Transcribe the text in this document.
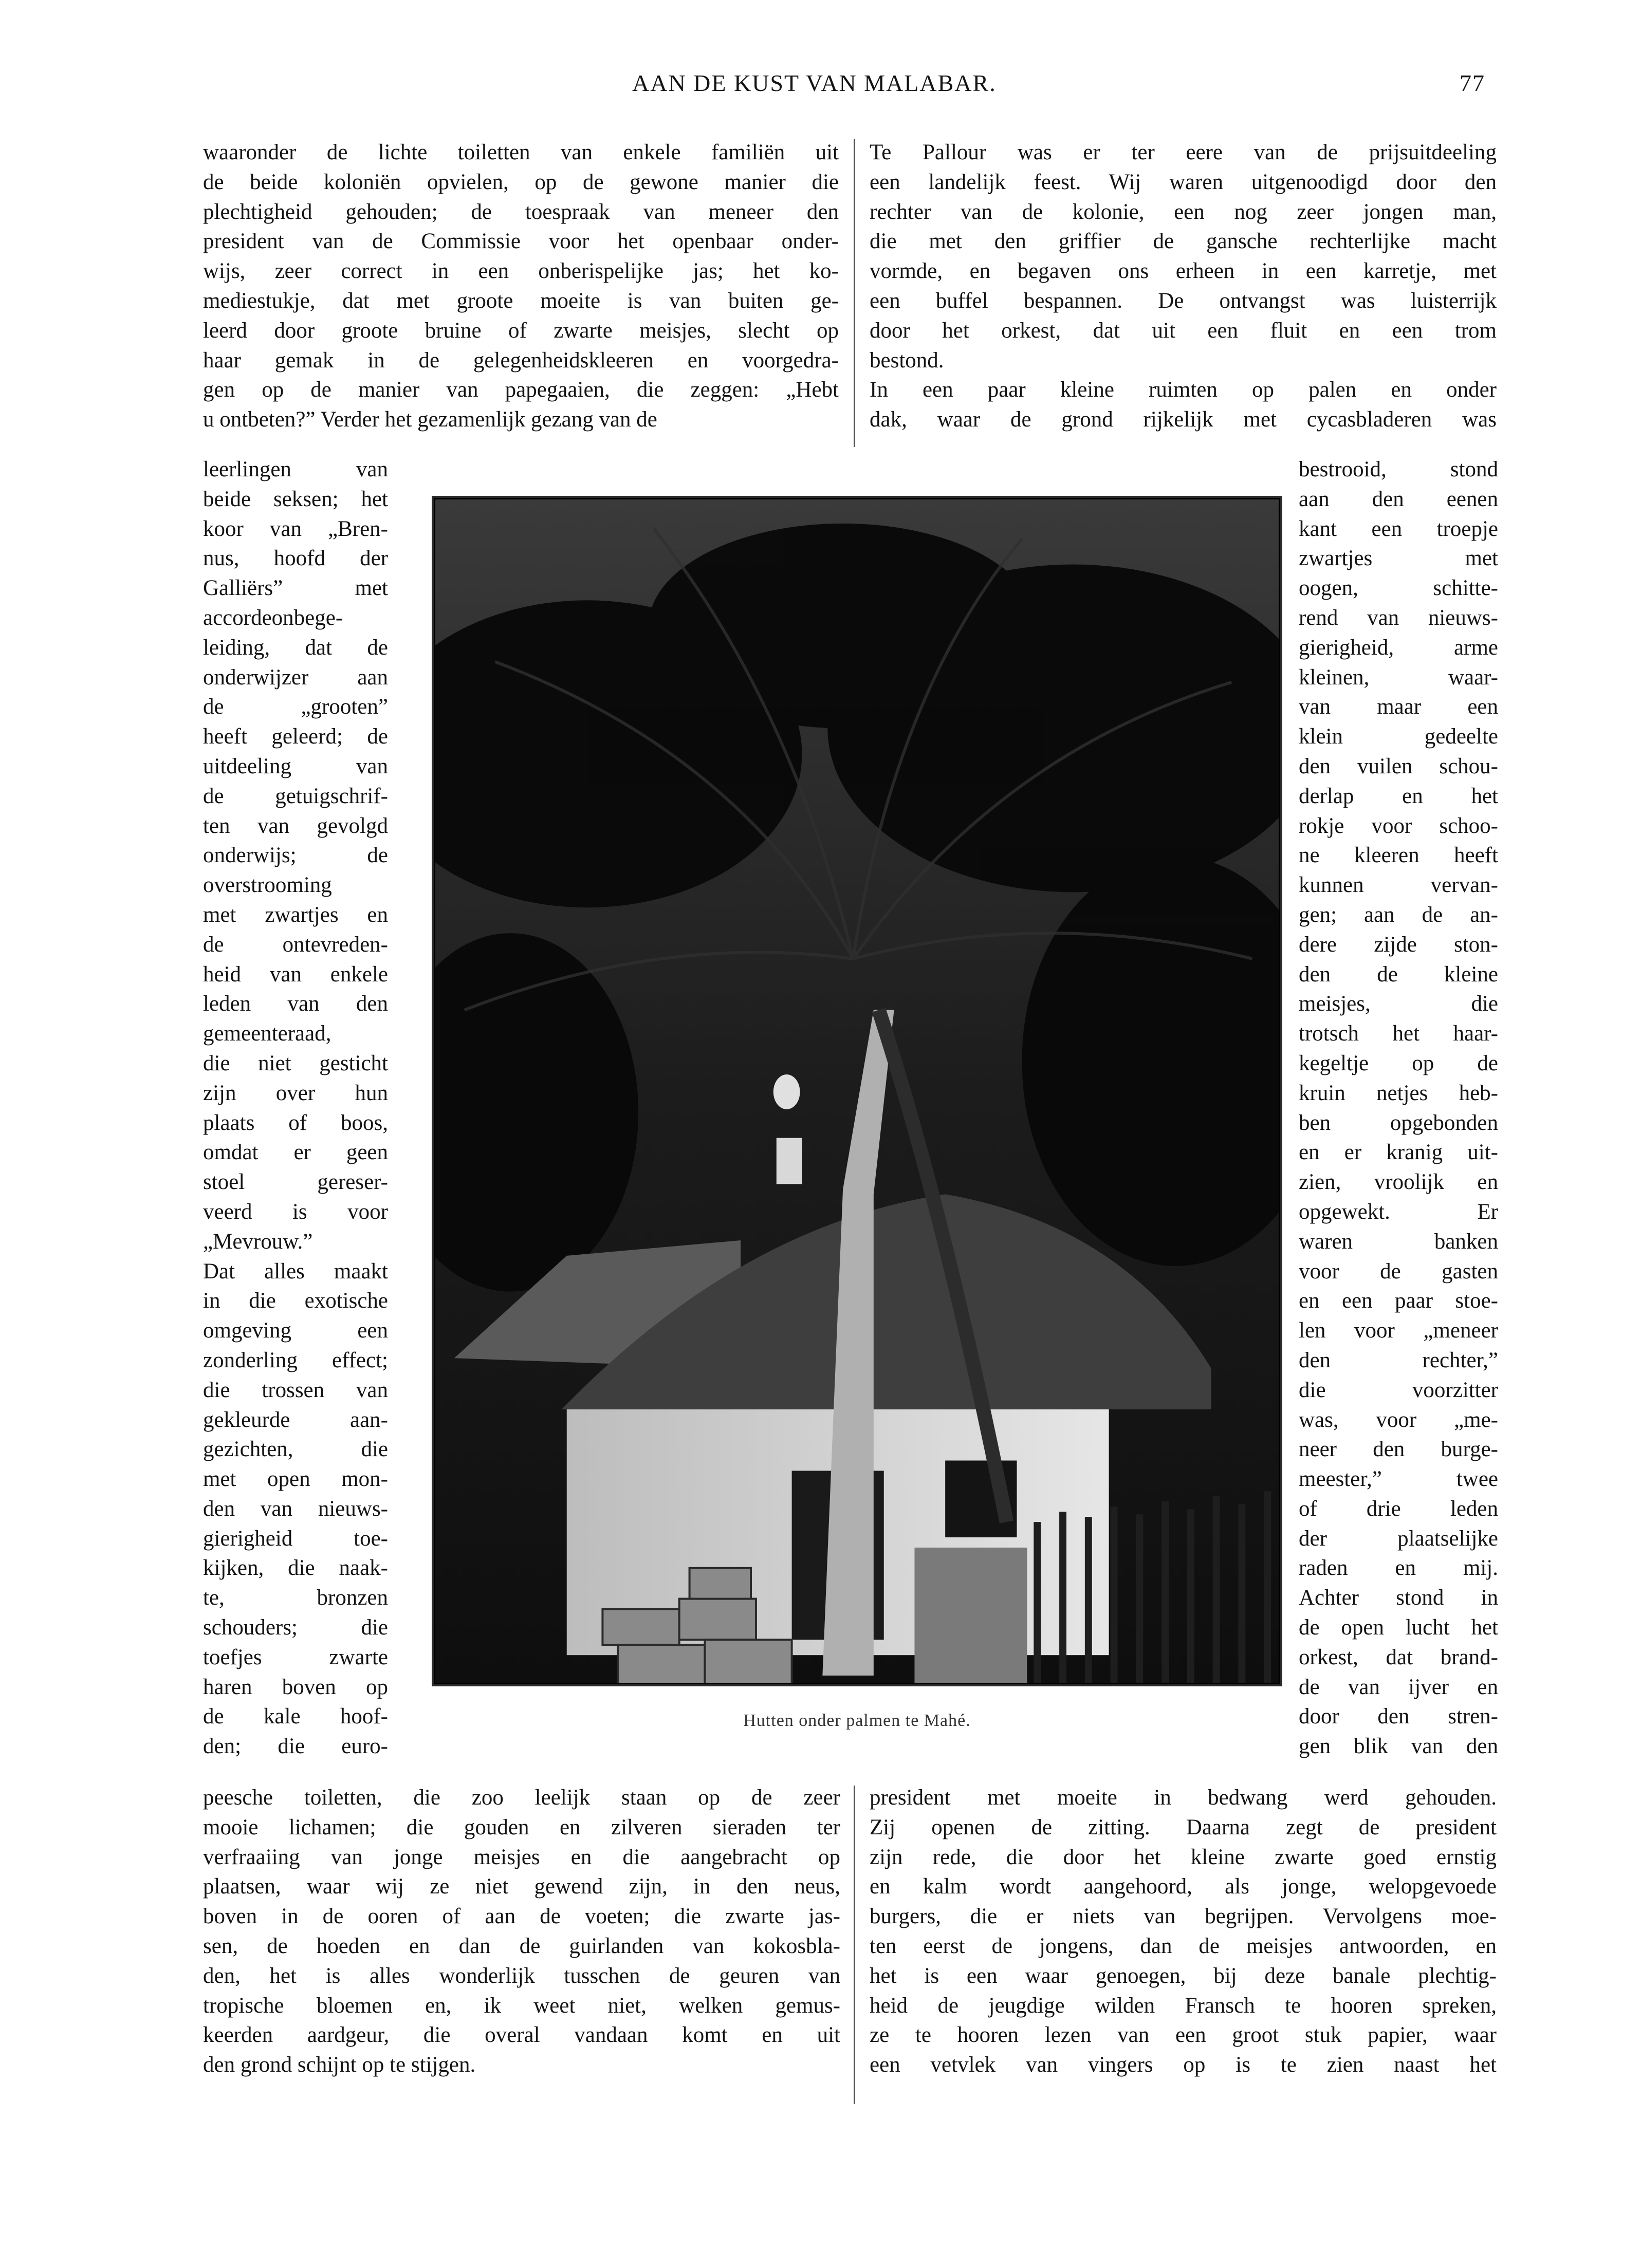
AAN DE KUST VAN MALABAR.	77
waaronder de lichte toiletten van enkele familiën uit
de beide koloniën opvielen, op de gewone manier die
plechtigheid gehouden; de toespraak van meneer den
president van de Commissie voor het openbaar onder-
wijs, zeer correct in een onberispelijke jas; het ko-
mediestukje, dat met groote moeite is van buiten ge-
leerd door groote bruine of zwarte meisjes, slecht op
haar gemak in de gelegenheidskleeren en voorgedra-
gen op de manier van papegaaien, die zeggen: „Hebt
u ontbeten?” Verder het gezamenlijk gezang van de
leerlingen van
beide seksen; het
koor van „Bren-
nus, hoofd der
Galliërs” met
accordeonbege-
leiding, dat de
onderwijzer aan
de „grooten”
heeft geleerd; de
uitdeeling van
de getuigschrif-
ten van gevolgd
onderwijs; de
overstrooming
met zwartjes en
de ontevreden-
heid van enkele
leden van den
gemeenteraad,
die niet gesticht
zijn over hun
plaats of boos,
omdat er geen
stoel gereser-
veerd is voor
„Mevrouw.”
Dat alles maakt
in die exotische
omgeving een
zonderling effect;
die trossen van
gekleurde aan-
gezichten, die
met open mon-
den van nieuws-
gierigheid toe-
kijken, die naak-
te, bronzen
schouders; die
toefjes zwarte
haren boven op
de kale hoof-
den; die euro-
peesche toiletten, die zoo leelijk staan op de zeer
mooie lichamen; die gouden en zilveren sieraden ter
verfraaiing van jonge meisjes en die aangebracht op
plaatsen, waar wij ze niet gewend zijn, in den neus,
boven in de ooren of aan de voeten; die zwarte jas-
sen, de hoeden en dan de guirlanden van kokosbla-
den, het is alles wonderlijk tusschen de geuren van
tropische bloemen en, ik weet niet, welken gemus-
keerden aardgeur, die overal vandaan komt en uit
den grond schijnt op te stijgen.
Te Pallour was er ter eere van de prijsuitdeeling
een landelijk feest. Wij waren uitgenoodigd door den
rechter van de kolonie, een nog zeer jongen man,
die met den griffier de gansche rechterlijke macht
vormde, en begaven ons erheen in een karretje, met
een buffel bespannen. De ontvangst was luisterrijk
door het orkest, dat uit een fluit en een trom
bestond.
In een paar kleine ruimten op palen en onder
dak, waar de grond rijkelijk met cycasbladeren was
bestrooid, stond
aan den eenen
kant een troepje
zwartjes met
oogen, schitte-
rend van nieuws-
gierigheid, arme
kleinen, waar-
van maar een
klein gedeelte
den vuilen schou-
derlap en het
rokje voor schoo-
ne kleeren heeft
kunnen vervan-
gen; aan de an-
dere zijde ston-
den de kleine
meisjes, die
trotsch het haar-
kegeltje op de
kruin netjes heb-
ben opgebonden
en er kranig uit-
zien, vroolijk en
opgewekt. Er
waren banken
voor de gasten
en een paar stoe-
len voor „meneer
den rechter,”
die voorzitter
was, voor „me-
neer den burge-
meester,” twee
of drie leden
der plaatselijke
raden en mij.
Achter stond in
de open lucht het
orkest, dat brand-
de van ijver en
door den stren-
gen blik van den
president met moeite in bedwang werd gehouden.
Zij openen de zitting. Daarna zegt de president
zijn rede, die door het kleine zwarte goed ernstig
en kalm wordt aangehoord, als jonge, welopgevoede
burgers, die er niets van begrijpen. Vervolgens moe-
ten eerst de jongens, dan de meisjes antwoorden, en
het is een waar genoegen, bij deze banale plechtig-
heid de jeugdige wilden Fransch te hooren spreken,
ze te hooren lezen van een groot stuk papier, waar
een vetvlek van vingers op is te zien naast het
Hutten onder palmen te Mahé.
